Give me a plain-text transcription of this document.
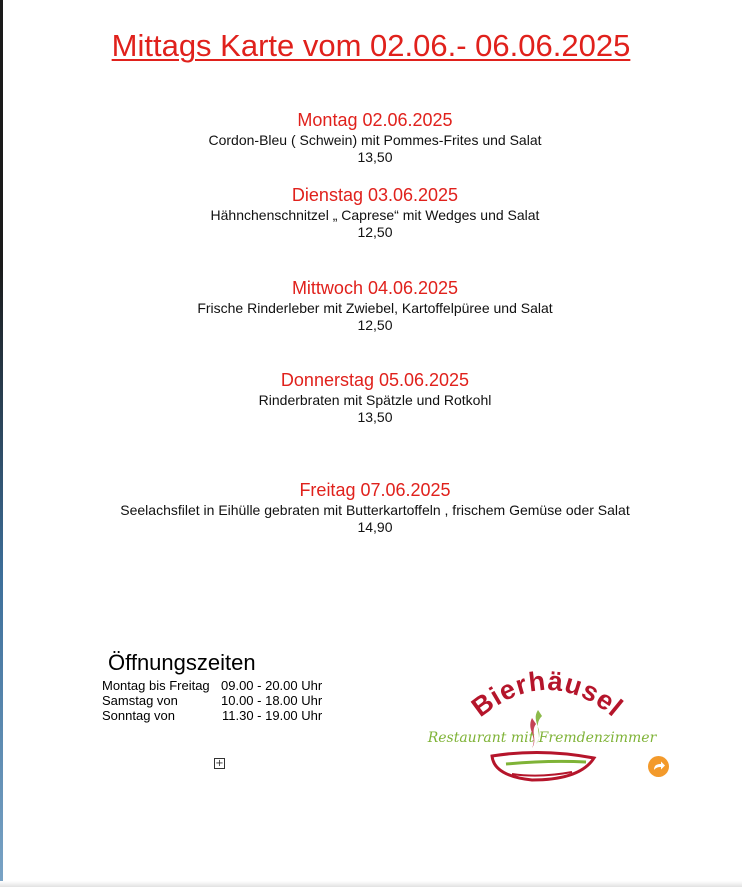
Mittags Karte vom 02.06.- 06.06.2025
Montag 02.06.2025
Cordon-Bleu ( Schwein) mit Pommes-Frites und Salat
13,50
Dienstag 03.06.2025
Hähnchenschnitzel „ Caprese“ mit Wedges und Salat
12,50
Mittwoch 04.06.2025
Frische Rinderleber mit Zwiebel, Kartoffelpüree und Salat
12,50
Donnerstag 05.06.2025
Rinderbraten mit Spätzle und Rotkohl
13,50
Freitag 07.06.2025
Seelachsfilet in Eihülle gebraten mit Butterkartoffeln , frischem Gemüse oder Salat
14,90
Öffnungszeiten
Montag bis Freitag 09.00 - 20.00 Uhr
Samstag von	10.00 - 18.00 Uhr
Sonntag von	11.30 - 19.00 Uhr
+
Bierhäusel
Restaurant mit Fremdenzimmer
